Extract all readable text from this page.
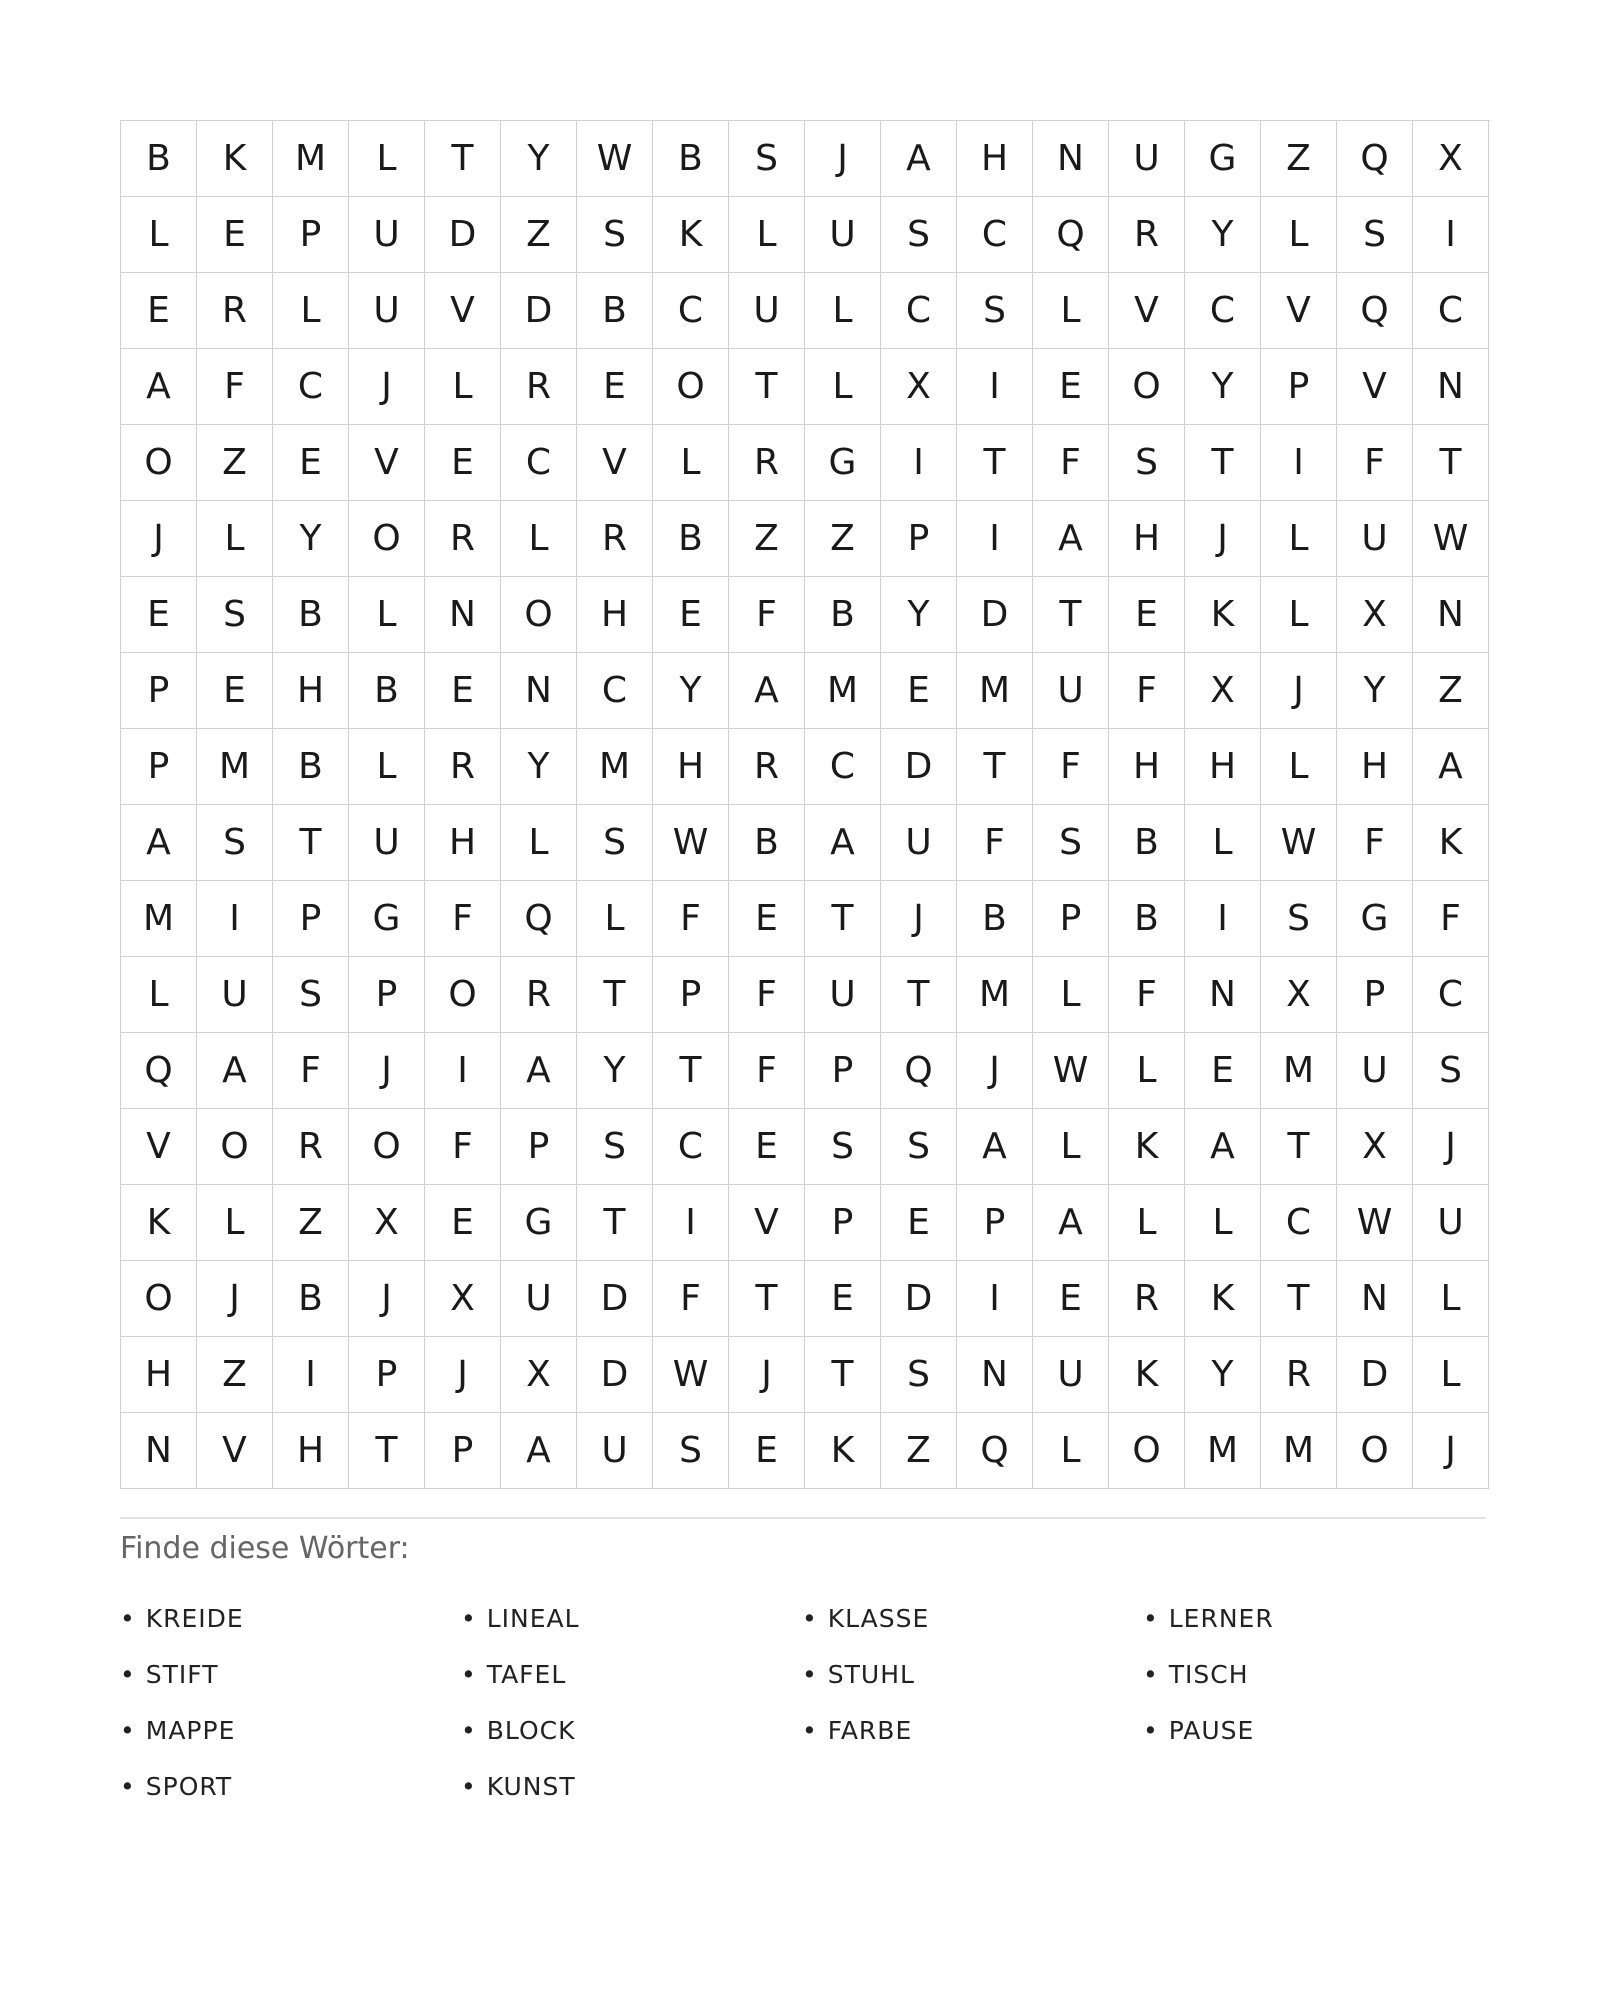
B	K	M	L	T	Y	W	B	S	J	A	H	N	U	G	Z	Q	X
L	E	P	U	D	Z	S	K	L	U	S	C	Q	R	Y	L	S	I
E	R	L	U	V	D	B	C	U	L	C	S	L	V	C	V	Q	C
A	F	C	J	L	R	E	O	T	L	X	I	E	O	Y	P	V	N
O	Z	E	V	E	C	V	L	R	G	I	T	F	S	T	I	F	T
J	L	Y	O	R	L	R	B	Z	Z	P	I	A	H	J	L	U	W
E	S	B	L	N	O	H	E	F	B	Y	D	T	E	K	L	X	N
P	E	H	B	E	N	C	Y	A	M	E	M	U	F	X	J	Y	Z
P	M	B	L	R	Y	M	H	R	C	D	T	F	H	H	L	H	A
A	S	T	U	H	L	S	W	B	A	U	F	S	B	L	W	F	K
M	I	P	G	F	Q	L	F	E	T	J	B	P	B	I	S	G	F
L	U	S	P	O	R	T	P	F	U	T	M	L	F	N	X	P	C
Q	A	F	J	I	A	Y	T	F	P	Q	J	W	L	E	M	U	S
V	O	R	O	F	P	S	C	E	S	S	A	L	K	A	T	X	J
K	L	Z	X	E	G	T	I	V	P	E	P	A	L	L	C	W	U
O	J	B	J	X	U	D	F	T	E	D	I	E	R	K	T	N	L
H	Z	I	P	J	X	D	W	J	T	S	N	U	K	Y	R	D	L
N	V	H	T	P	A	U	S	E	K	Z	Q	L	O	M	M	O	J
Finde diese Wörter:
• KREIDE	• LINEAL	• KLASSE	• LERNER
• STIFT	• TAFEL	• STUHL	• TISCH
• MAPPE	• BLOCK	• FARBE	• PAUSE
• SPORT	• KUNST
